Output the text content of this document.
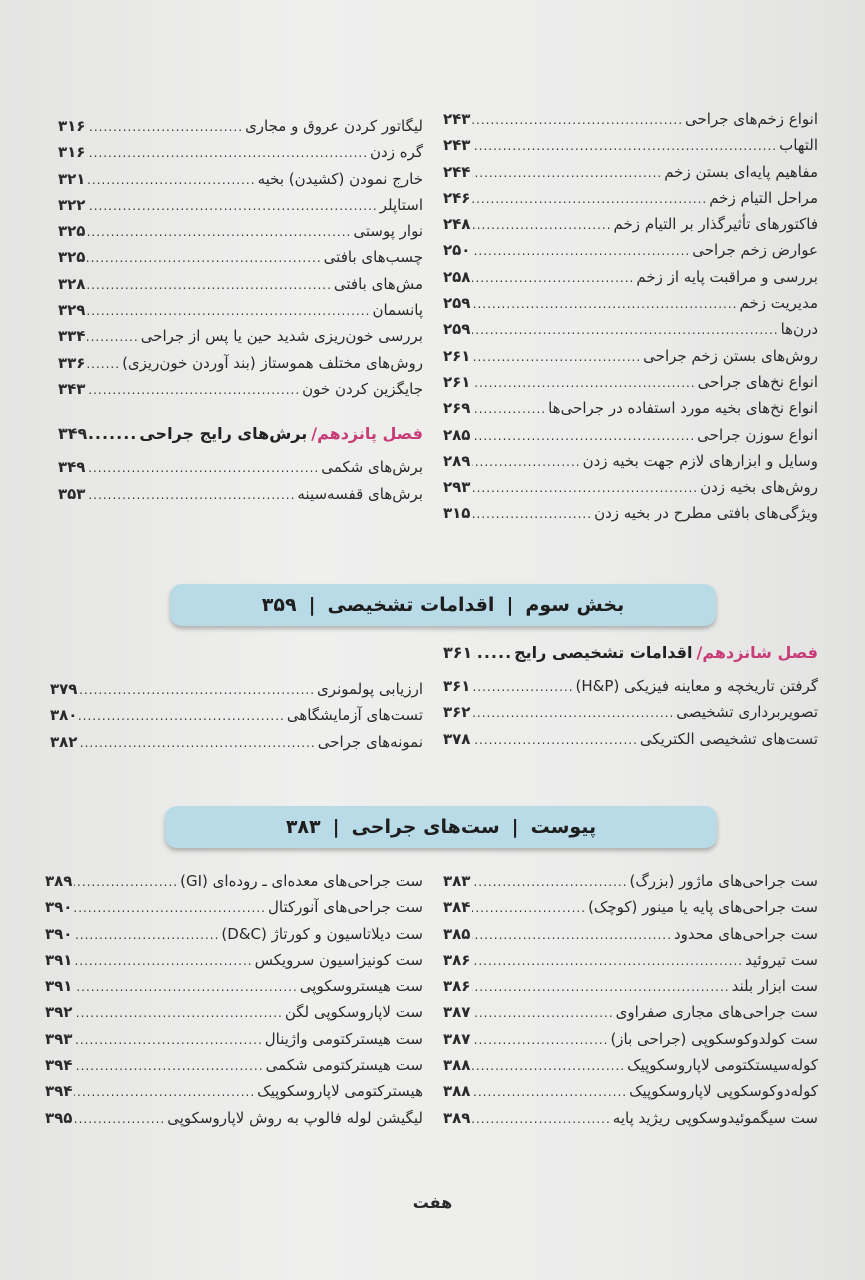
انواع زخم‌های جراحی
.....
۲۴۳
التهاب
.....
۲۴۳
مفاهیم پایه‌ای بستن زخم
.....
۲۴۴
مراحل التیام زخم
.....
۲۴۶
فاکتورهای تأثیرگذار بر التیام زخم
.....
۲۴۸
عوارض زخم جراحی
.....
۲۵۰
بررسی و مراقبت پایه از زخم
.....
۲۵۸
مدیریت زخم
.....
۲۵۹
درن‌ها
.....
۲۵۹
روش‌های بستن زخم جراحی
.....
۲۶۱
انواع نخ‌های جراحی
.....
۲۶۱
انواع نخ‌های بخیه مورد استفاده در جراحی‌ها
.....
۲۶۹
انواع سوزن جراحی
.....
۲۸۵
وسایل و ابزارهای لازم جهت بخیه زدن
.....
۲۸۹
روش‌های بخیه زدن
.....
۲۹۳
ویژگی‌های بافتی مطرح در بخیه زدن
.....
۳۱۵
لیگاتور کردن عروق و مجاری
.....
۳۱۶
گره زدن
.....
۳۱۶
خارج نمودن (کشیدن) بخیه
.....
۳۲۱
استاپلر
.....
۳۲۲
نوار پوستی
.....
۳۲۵
چسب‌های بافتی
.....
۳۲۵
مش‌های بافتی
.....
۳۲۸
پانسمان
.....
۳۲۹
بررسی خون‌ریزی شدید حین یا پس از جراحی
.....
۳۳۴
روش‌های مختلف هموستاز (بند آوردن خون‌ریزی)
.....
۳۳۶
جایگزین کردن خون
.....
۳۴۳
فصل پانزدهم/
برش‌های رایج جراحی
.....
۳۴۹
برش‌های شکمی
.....
۳۴۹
برش‌های قفسه‌سینه
.....
۳۵۳
بخش سوم
|
اقدامات تشخیصی
|
۳۵۹
فصل شانزدهم/
اقدامات تشخیصی رایج
.....
۳۶۱
گرفتن تاریخچه و معاینه فیزیکی (H&P)
.....
۳۶۱
تصویربرداری تشخیصی
.....
۳۶۲
تست‌های تشخیصی الکتریکی
.....
۳۷۸
ارزیابی پولمونری
.....
۳۷۹
تست‌های آزمایشگاهی
.....
۳۸۰
نمونه‌های جراحی
.....
۳۸۲
پیوست
|
ست‌های جراحی
|
۳۸۳
ست جراحی‌های ماژور (بزرگ)
.....
۳۸۳
ست جراحی‌های پایه یا مینور (کوچک)
.....
۳۸۴
ست جراحی‌های محدود
.....
۳۸۵
ست تیروئید
.....
۳۸۶
ست ابزار بلند
.....
۳۸۶
ست جراحی‌های مجاری صفراوی
.....
۳۸۷
ست کولدوکوسکوپی (جراحی باز)
.....
۳۸۷
کوله‌سیستکتومی لاپاروسکوپیک
.....
۳۸۸
کوله‌دوکوسکوپی لاپاروسکوپیک
.....
۳۸۸
ست سیگموئیدوسکوپی ریژید پایه
.....
۳۸۹
ست جراحی‌های معده‌ای ـ روده‌ای (GI)
.....
۳۸۹
ست جراحی‌های آنورکتال
.....
۳۹۰
ست دیلاتاسیون و کورتاژ (D&C)
.....
۳۹۰
ست کونیزاسیون سرویکس
.....
۳۹۱
ست هیستروسکوپی
.....
۳۹۱
ست لاپاروسکوپی لگن
.....
۳۹۲
ست هیسترکتومی واژینال
.....
۳۹۳
ست هیسترکتومی شکمی
.....
۳۹۴
هیسترکتومی لاپاروسکوپیک
.....
۳۹۴
لیگیشن لوله فالوپ به روش لاپاروسکوپی
.....
۳۹۵
هفت
